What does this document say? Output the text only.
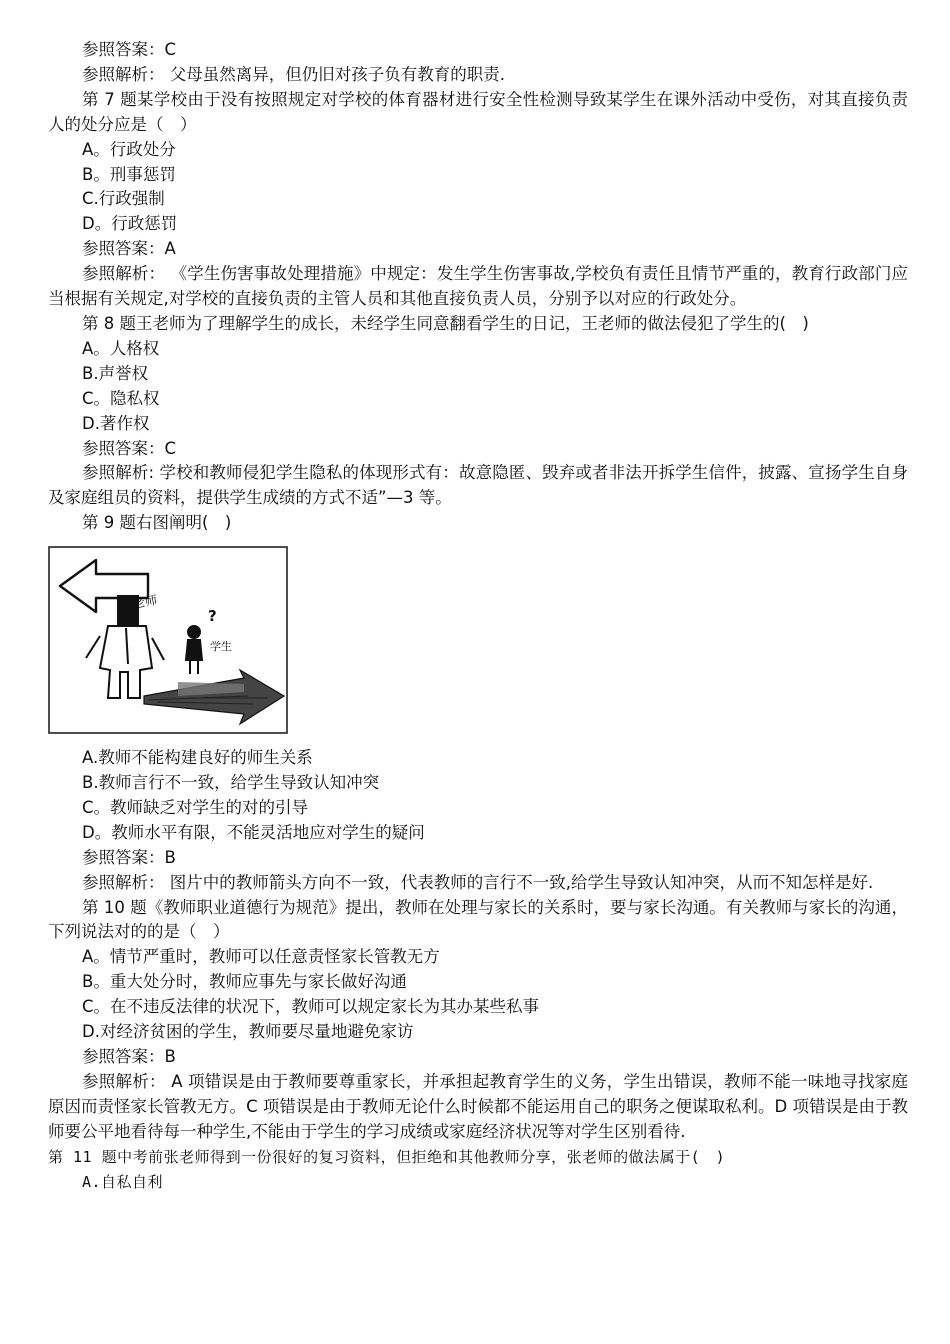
参照答案：C

参照解析： 父母虽然离异，但仍旧对孩子负有教育的职责.

第 7 题某学校由于没有按照规定对学校的体育器材进行安全性检测导致某学生在课外活动中受伤，对其直接负责人的处分应是（　）

A。行政处分

B。刑事惩罚

C.行政强制

D。行政惩罚

参照答案：A

参照解析： 《学生伤害事故处理措施》中规定：发生学生伤害事故,学校负有责任且情节严重的，教育行政部门应当根据有关规定,对学校的直接负责的主管人员和其他直接负责人员，分别予以对应的行政处分。

第 8 题王老师为了理解学生的成长，未经学生同意翻看学生的日记，王老师的做法侵犯了学生的(　)

A。人格权

B.声誉权

C。隐私权

D.著作权

参照答案：C

参照解析: 学校和教师侵犯学生隐私的体现形式有：故意隐匿、毁弃或者非法开拆学生信件，披露、宣扬学生自身及家庭组员的资料，提供学生成绩的方式不适”—3 等。

第 9 题右图阐明(　)

老师
?
学生

A.教师不能构建良好的师生关系

B.教师言行不一致，给学生导致认知冲突

C。教师缺乏对学生的对的引导

D。教师水平有限，不能灵活地应对学生的疑问

参照答案：B

参照解析： 图片中的教师箭头方向不一致，代表教师的言行不一致,给学生导致认知冲突，从而不知怎样是好.

第 10 题《教师职业道德行为规范》提出，教师在处理与家长的关系时，要与家长沟通。有关教师与家长的沟通，下列说法对的的是（　）

A。情节严重时，教师可以任意责怪家长管教无方

B。重大处分时，教师应事先与家长做好沟通

C。在不违反法律的状况下，教师可以规定家长为其办某些私事

D.对经济贫困的学生，教师要尽量地避免家访

参照答案：B

参照解析： A 项错误是由于教师要尊重家长，并承担起教育学生的义务，学生出错误，教师不能一味地寻找家庭原因而责怪家长管教无方。C 项错误是由于教师无论什么时候都不能运用自己的职务之便谋取私利。D 项错误是由于教师要公平地看待每一种学生,不能由于学生的学习成绩或家庭经济状况等对学生区别看待.

第 11 题中考前张老师得到一份很好的复习资料，但拒绝和其他教师分享，张老师的做法属于(　)

A.自私自利
